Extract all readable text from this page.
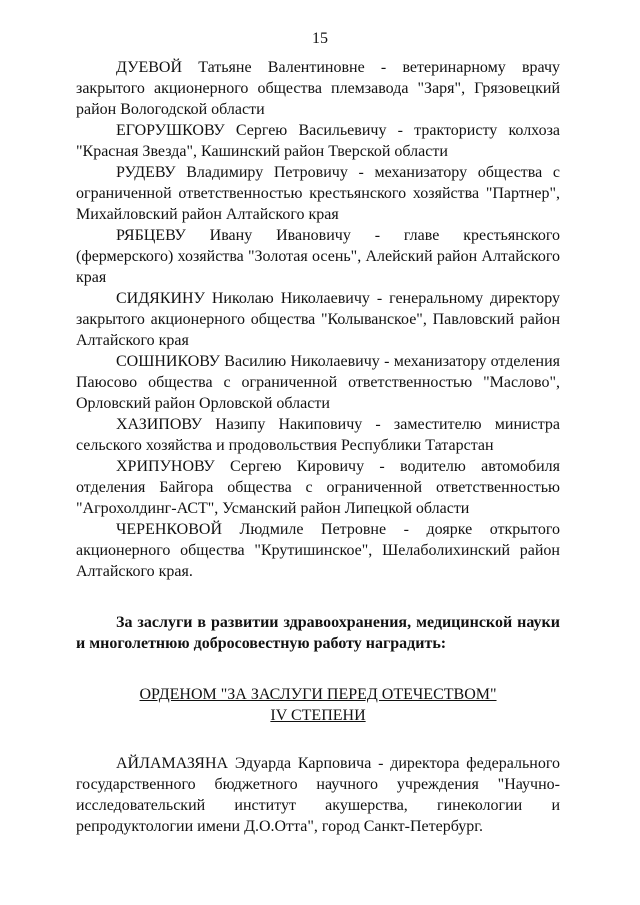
15

ДУЕВОЙ Татьяне Валентиновне - ветеринарному врачу закрытого акционерного общества племзавода "Заря", Грязовецкий район Вологодской области

ЕГОРУШКОВУ Сергею Васильевичу - трактористу колхоза "Красная Звезда", Кашинский район Тверской области

РУДЕВУ Владимиру Петровичу - механизатору общества с ограниченной ответственностью крестьянского хозяйства "Партнер", Михайловский район Алтайского края

РЯБЦЕВУ Ивану Ивановичу - главе крестьянского (фермерского) хозяйства "Золотая осень", Алейский район Алтайского края

СИДЯКИНУ Николаю Николаевичу - генеральному директору закрытого акционерного общества "Колыванское", Павловский район Алтайского края

СОШНИКОВУ Василию Николаевичу - механизатору отделения Паюсово общества с ограниченной ответственностью "Маслово", Орловский район Орловской области

ХАЗИПОВУ Назипу Накиповичу - заместителю министра сельского хозяйства и продовольствия Республики Татарстан

ХРИПУНОВУ Сергею Кировичу - водителю автомобиля отделения Байгора общества с ограниченной ответственностью "Агрохолдинг-АСТ", Усманский район Липецкой области

ЧЕРЕНКОВОЙ Людмиле Петровне - доярке открытого акционерного общества "Крутишинское", Шелаболихинский район Алтайского края.

За заслуги в развитии здравоохранения, медицинской науки и многолетнюю добросовестную работу наградить:

ОРДЕНОМ "ЗА ЗАСЛУГИ ПЕРЕД ОТЕЧЕСТВОМ"
IV СТЕПЕНИ

АЙЛАМАЗЯНА Эдуарда Карповича - директора федерального государственного бюджетного научного учреждения "Научно-исследовательский институт акушерства, гинекологии и репродуктологии имени Д.О.Отта", город Санкт-Петербург.
